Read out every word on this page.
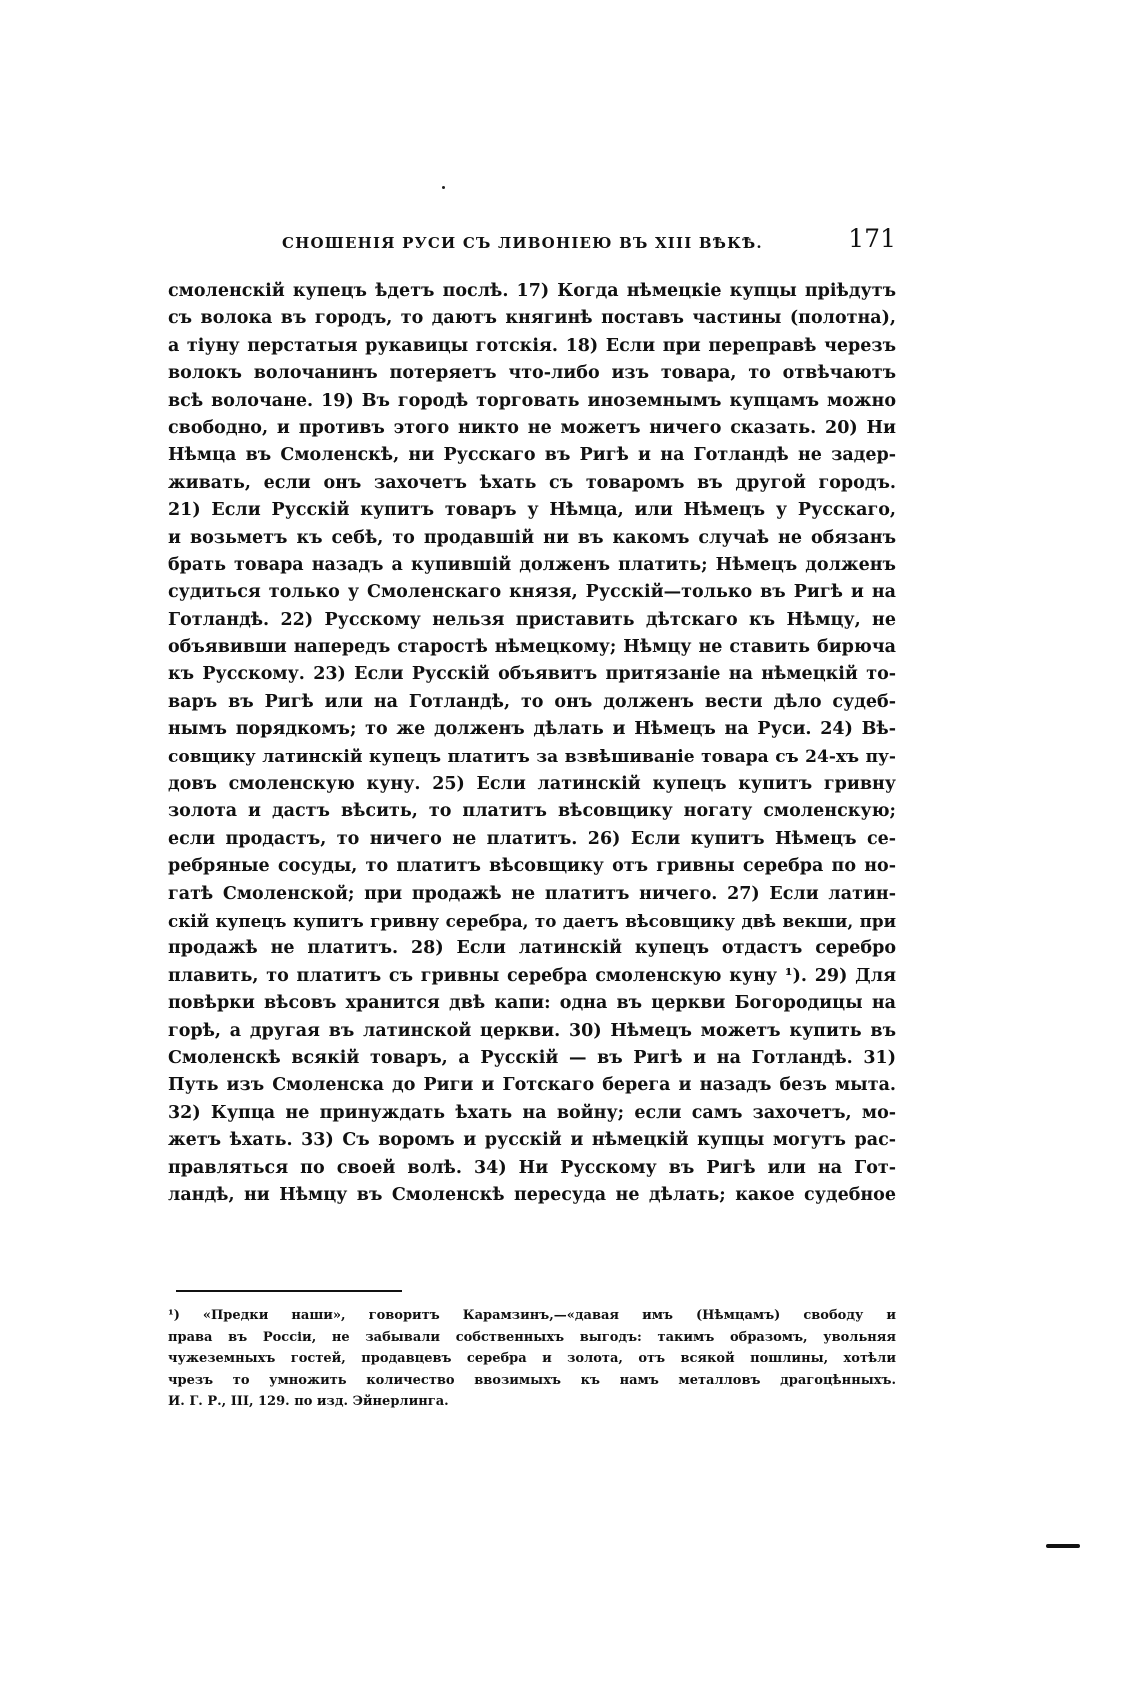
СНОШЕНІЯ РУСИ СЪ ЛИВОНІЕЮ ВЪ XIII ВѢКѢ.	171
смоленскій купецъ ѣдетъ послѣ. 17) Когда нѣмецкіе купцы пріѣдутъ
съ волока въ городъ, то даютъ княгинѣ поставъ частины (полотна),
а тіуну перстатыя рукавицы готскія. 18) Если при переправѣ черезъ
волокъ волочанинъ потеряетъ что-либо изъ товара, то отвѣчаютъ
всѣ волочане. 19) Въ городѣ торговать иноземнымъ купцамъ можно
свободно, и противъ этого никто не можетъ ничего сказать. 20) Ни
Нѣмца въ Смоленскѣ, ни Русскаго въ Ригѣ и на Готландѣ не задер-
живать, если онъ захочетъ ѣхать съ товаромъ въ другой городъ.
21) Если Русскій купитъ товаръ у Нѣмца, или Нѣмецъ у Русскаго,
и возьметъ къ себѣ, то продавшій ни въ какомъ случаѣ не обязанъ
брать товара назадъ а купившій долженъ платить; Нѣмецъ долженъ
судиться только у Смоленскаго князя, Русскій—только въ Ригѣ и на
Готландѣ. 22) Русскому нельзя приставить дѣтскаго къ Нѣмцу, не
объявивши напередъ старостѣ нѣмецкому; Нѣмцу не ставить бирюча
къ Русскому. 23) Если Русскій объявитъ притязаніе на нѣмецкій то-
варъ въ Ригѣ или на Готландѣ, то онъ долженъ вести дѣло судеб-
нымъ порядкомъ; то же долженъ дѣлать и Нѣмецъ на Руси. 24) Вѣ-
совщику латинскій купецъ платитъ за взвѣшиваніе товара съ 24-хъ пу-
довъ смоленскую куну. 25) Если латинскій купецъ купитъ гривну
золота и дастъ вѣсить, то платитъ вѣсовщику ногату смоленскую;
если продастъ, то ничего не платитъ. 26) Если купитъ Нѣмецъ се-
ребряные сосуды, то платитъ вѣсовщику отъ гривны серебра по но-
гатѣ Смоленской; при продажѣ не платитъ ничего. 27) Если латин-
скій купецъ купитъ гривну серебра, то даетъ вѣсовщику двѣ векши, при
продажѣ не платитъ. 28) Если латинскій купецъ отдастъ серебро
плавить, то платитъ съ гривны серебра смоленскую куну ¹). 29) Для
повѣрки вѣсовъ хранится двѣ капи: одна въ церкви Богородицы на
горѣ, а другая въ латинской церкви. 30) Нѣмецъ можетъ купить въ
Смоленскѣ всякій товаръ, а Русскій — въ Ригѣ и на Готландѣ. 31)
Путь изъ Смоленска до Риги и Готскаго берега и назадъ безъ мыта.
32) Купца не принуждать ѣхать на войну; если самъ захочетъ, мо-
жетъ ѣхать. 33) Съ воромъ и русскій и нѣмецкій купцы могутъ рас-
правляться по своей волѣ. 34) Ни Русскому въ Ригѣ или на Гот-
ландѣ, ни Нѣмцу въ Смоленскѣ пересуда не дѣлать; какое судебное
¹) «Предки наши», говоритъ Карамзинъ,—«давая имъ (Нѣмцамъ) свободу и
права въ Россіи, не забывали собственныхъ выгодъ: такимъ образомъ, увольняя
чужеземныхъ гостей, продавцевъ серебра и золота, отъ всякой пошлины, хотѣли
чрезъ то умножить количество ввозимыхъ къ намъ металловъ драгоцѣнныхъ.
И. Г. Р., III, 129. по изд. Эйнерлинга.
